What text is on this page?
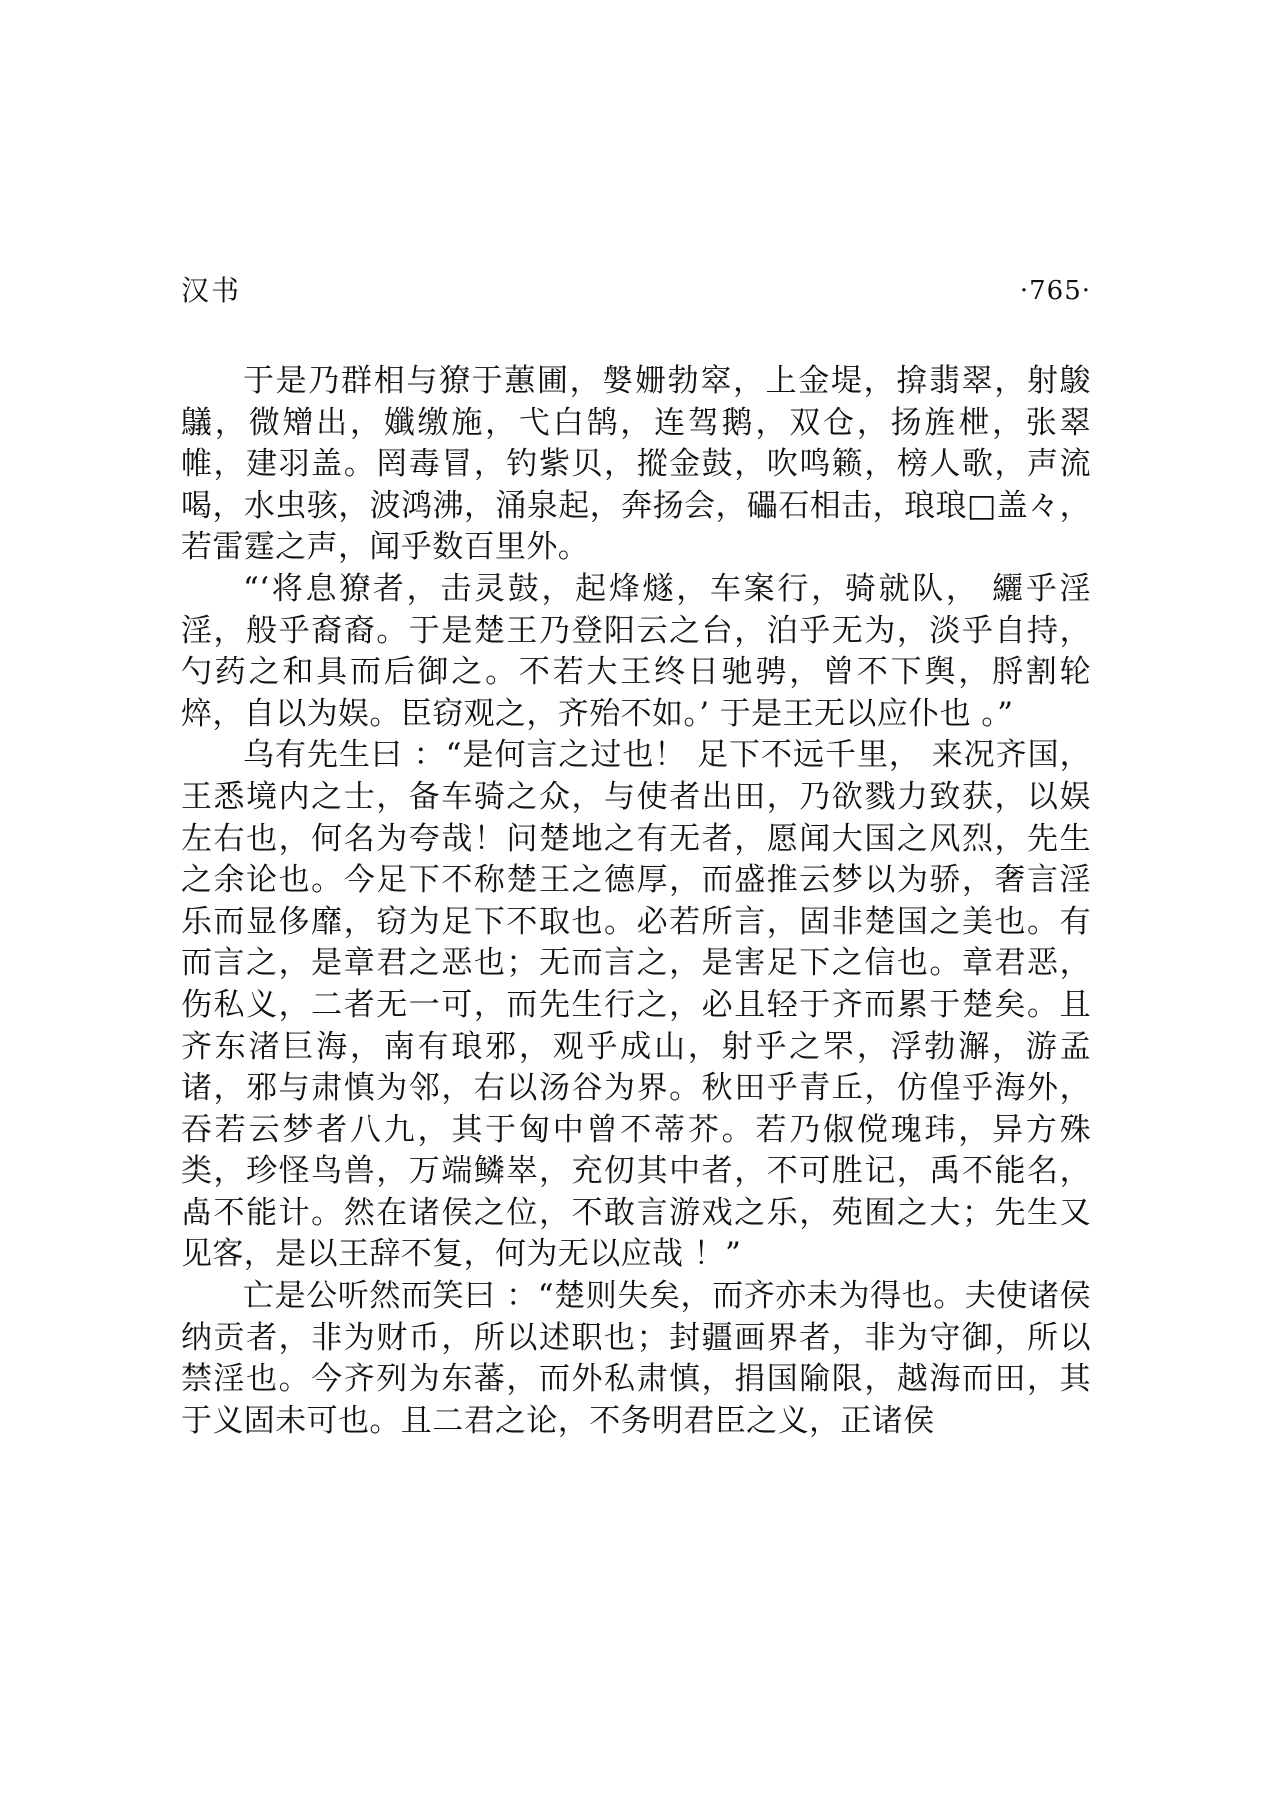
汉书	·765·

于是乃群相与獠于蕙圃，媻姗勃窣，上金堤，揜翡翠，射鵔鸃，微矰出，孅缴施，弋白鹄，连驾鹅，双仓，扬旌枻，张翠帷，建羽盖。罔毒冒，钓紫贝，摐金鼓，吹鸣籁，榜人歌，声流喝，水虫骇，波鸿沸，涌泉起，奔扬会，礧石相击，琅琅□盖々，若雷霆之声，闻乎数百里外。

“‘将息獠者，击灵鼓，起烽燧，车案行，骑就队， 纚乎淫淫，般乎裔裔。于是楚王乃登阳云之台，泊乎无为，淡乎自持，勺药之和具而后御之。不若大王终日驰骋，曾不下舆，脟割轮焠，自以为娱。臣窃观之，齐殆不如。’ 于是王无以应仆也 。”

乌有先生曰 ：“是何言之过也！ 足下不远千里， 来况齐国，王悉境内之士，备车骑之众，与使者出田，乃欲戮力致获，以娱左右也，何名为夸哉！问楚地之有无者，愿闻大国之风烈，先生之余论也。今足下不称楚王之德厚，而盛推云梦以为骄，奢言淫乐而显侈靡，窃为足下不取也。必若所言，固非楚国之美也。有而言之，是章君之恶也；无而言之，是害足下之信也。章君恶，伤私义，二者无一可，而先生行之，必且轻于齐而累于楚矣。且齐东渚巨海，南有琅邪，观乎成山，射乎之罘，浮勃澥，游孟诸，邪与肃慎为邻，右以汤谷为界。秋田乎青丘，仿偟乎海外，吞若云梦者八九，其于匈中曾不蒂芥。若乃俶傥瑰玮，异方殊类，珍怪鸟兽，万端鳞崒，充仞其中者，不可胜记，禹不能名，卨不能计。然在诸侯之位，不敢言游戏之乐，苑囿之大；先生又见客，是以王辞不复，何为无以应哉 ！”

亡是公听然而笑曰 ：“楚则失矣，而齐亦未为得也。夫使诸侯纳贡者，非为财币，所以述职也；封疆画界者，非为守御，所以禁淫也。今齐列为东蕃，而外私肃慎，捐国隃限，越海而田，其于义固未可也。且二君之论，不务明君臣之义，正诸侯
